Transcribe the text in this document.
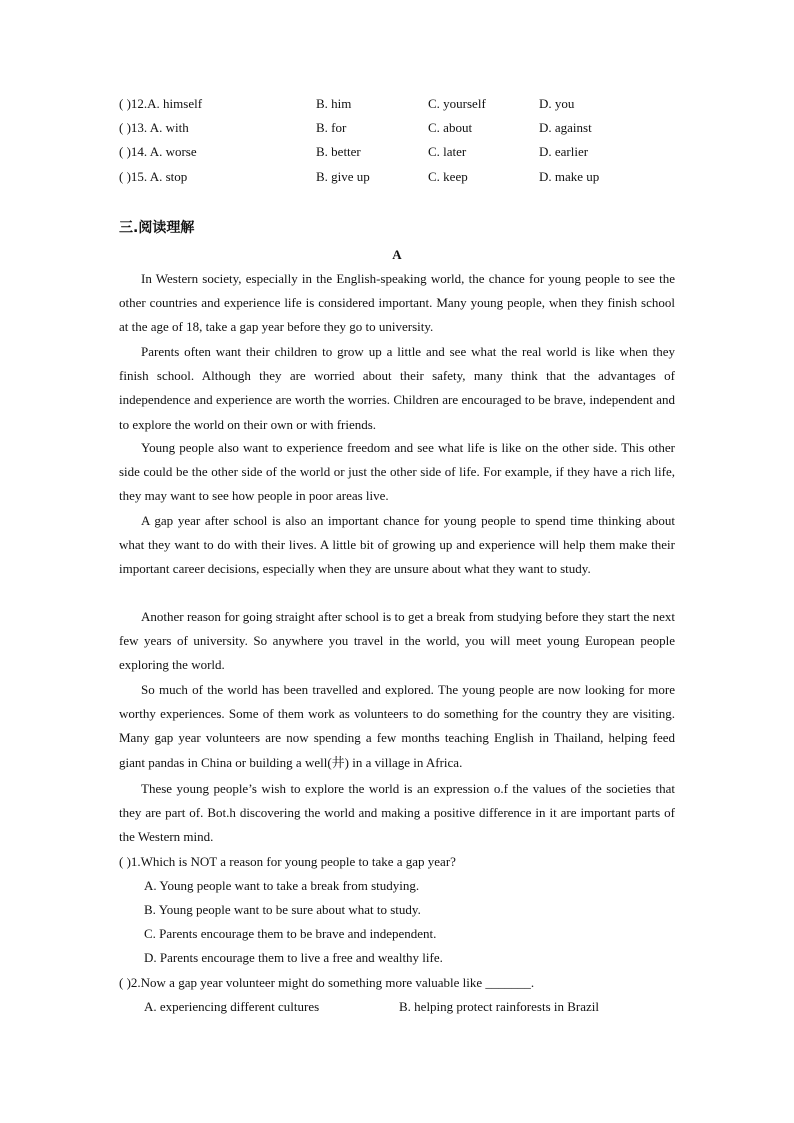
( )12.A. himself	B. him	C. yourself	D. you
( )13. A. with	B. for	C. about	D. against
( )14. A. worse	B. better	C. later	D. earlier
( )15. A. stop	B. give up	C. keep	D. make up
三.阅读理解
A

In Western society, especially in the English-speaking world, the chance for young people to see the other countries and experience life is considered important. Many young people, when they finish school at the age of 18, take a gap year before they go to university.

Parents often want their children to grow up a little and see what the real world is like when they finish school. Although they are worried about their safety, many think that the advantages of independence and experience are worth the worries. Children are encouraged to be brave, independent and to explore the world on their own or with friends.

Young people also want to experience freedom and see what life is like on the other side. This other side could be the other side of the world or just the other side of life. For example, if they have a rich life, they may want to see how people in poor areas live.

A gap year after school is also an important chance for young people to spend time thinking about what they want to do with their lives. A little bit of growing up and experience will help them make their important career decisions, especially when they are unsure about what they want to study.

Another reason for going straight after school is to get a break from studying before they start the next few years of university. So anywhere you travel in the world, you will meet young European people exploring the world.

So much of the world has been travelled and explored. The young people are now looking for more worthy experiences. Some of them work as volunteers to do something for the country they are visiting. Many gap year volunteers are now spending a few months teaching English in Thailand, helping feed giant pandas in China or building a well(井) in a village in Africa.

These young people’s wish to explore the world is an expression o.f the values of the societies that they are part of. Bot.h discovering the world and making a positive difference in it are important parts of the Western mind.

( )1.Which is NOT a reason for young people to take a gap year?
A. Young people want to take a break from studying.
B. Young people want to be sure about what to study.
C. Parents encourage them to be brave and independent.
D. Parents encourage them to live a free and wealthy life.
( )2.Now a gap year volunteer might do something more valuable like _______.
A. experiencing different cultures	B. helping protect rainforests in Brazil
